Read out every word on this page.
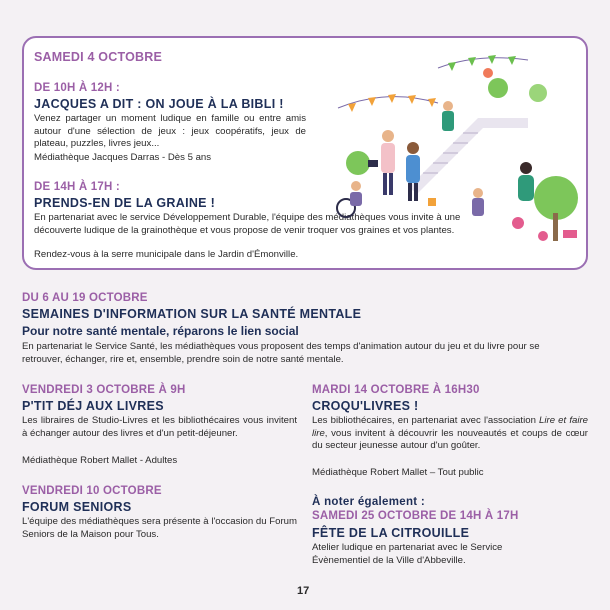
SAMEDI 4 OCTOBRE
DE 10H À 12H :
JACQUES A DIT : ON JOUE À LA BIBLI !
Venez partager un moment ludique en famille ou entre amis autour d'une sélection de jeux : jeux coopératifs, jeux de plateau, puzzles, livres jeux...
Médiathèque Jacques Darras - Dès 5 ans
DE 14H À 17H :
PRENDS-EN DE LA GRAINE !
En partenariat avec le service Développement Durable, l'équipe des médiathèques vous invite à une découverte ludique de la grainothèque et vous propose de venir troquer vos graines et vos plantes.
Rendez-vous à la serre municipale dans le Jardin d'Émonville.
DU 6 AU 19 OCTOBRE
SEMAINES D'INFORMATION SUR LA SANTÉ MENTALE
Pour notre santé mentale, réparons le lien social
En partenariat le Service Santé, les médiathèques vous proposent des temps d'animation autour du jeu et du livre pour se retrouver, échanger, rire et, ensemble, prendre soin de notre santé mentale.
VENDREDI 3 OCTOBRE À 9H
P'TIT DÉJ AUX LIVRES
Les libraires de Studio-Livres et les bibliothécaires vous invitent à échanger autour des livres et d'un petit-déjeuner.
Médiathèque Robert Mallet - Adultes
VENDREDI 10 OCTOBRE
FORUM SENIORS
L'équipe des médiathèques sera présente à l'occasion du Forum Seniors de la Maison pour Tous.
MARDI 14 OCTOBRE À 16H30
CROQU'LIVRES !
Les bibliothécaires, en partenariat avec l'association Lire et faire lire, vous invitent à découvrir les nouveautés et coups de cœur du secteur jeunesse autour d'un goûter.
Médiathèque Robert Mallet – Tout public
À noter également :
SAMEDI 25 OCTOBRE DE 14H À 17H
FÊTE DE LA CITROUILLE
Atelier ludique en partenariat avec le Service Évènementiel de la Ville d'Abbeville.
17
